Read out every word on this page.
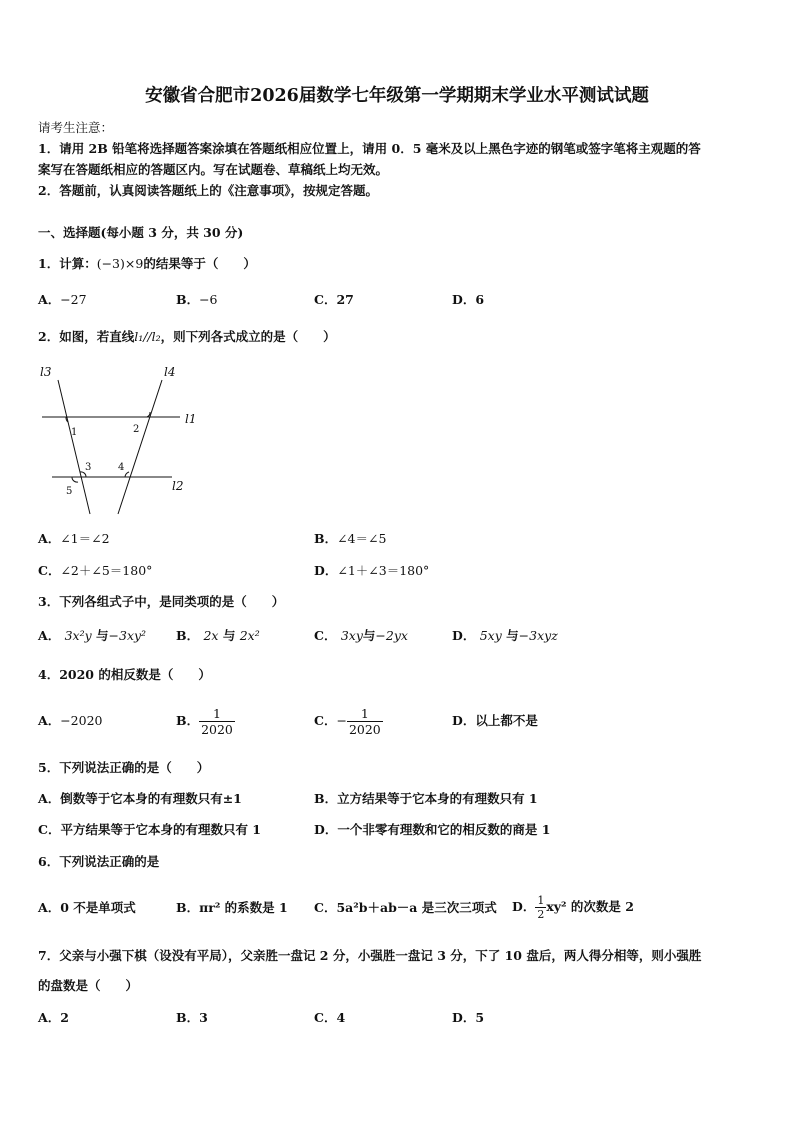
安徽省合肥市2026届数学七年级第一学期期末学业水平测试试题
请考生注意：
1．请用 2B 铅笔将选择题答案涂填在答题纸相应位置上，请用 0．5 毫米及以上黑色字迹的钢笔或签字笔将主观题的答
案写在答题纸相应的答题区内。写在试题卷、草稿纸上均无效。
2．答题前，认真阅读答题纸上的《注意事项》，按规定答题。
一、选择题(每小题 3 分，共 30 分)
1．计算：(−3)×9的结果等于（　　）
A．−27	B．−6	C．27	D．6
2．如图，若直线l₁//l₂，则下列各式成立的是（　　）
l3	l4
l1
l2
1	2
3	4
5
A．∠1＝∠2	B．∠4＝∠5
C．∠2＋∠5＝180°	D．∠1＋∠3＝180°
3．下列各组式子中，是同类项的是（　　）
A． 3x²y 与−3xy² B． 2x 与 2x²	C． 3xy与−2yx	D． 5xy 与−3xyz
4．2020 的相反数是（　　）
A．−2020	B． $\frac{1}{2020}$	C．− $\frac{1}{2020}$	D．以上都不是
5．下列说法正确的是（　　）
A．倒数等于它本身的有理数只有±1	B．立方结果等于它本身的有理数只有 1
C．平方结果等于它本身的有理数只有 1	D．一个非零有理数和它的相反数的商是 1
6．下列说法正确的是
A．0 不是单项式	B．πr² 的系数是 1 C．5a²b＋ab－a 是三次三项式 D． $\frac{1}{2} xy^2$ 的次数是 2
7．父亲与小强下棋（设没有平局），父亲胜一盘记 2 分，小强胜一盘记 3 分，下了 10 盘后，两人得分相等，则小强胜
的盘数是（　　）
A．2	B．3	C．4	D．5
